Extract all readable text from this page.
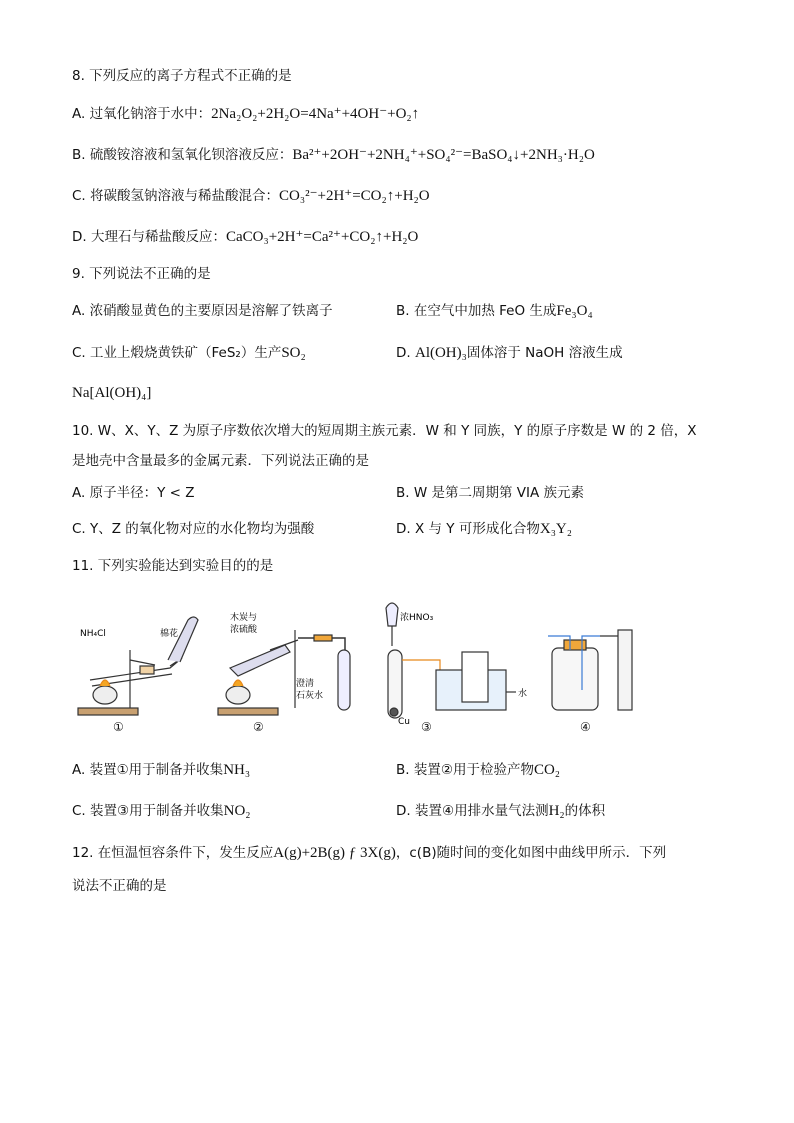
8. 下列反应的离子方程式不正确的是
A. 过氧化钠溶于水中：2Na₂O₂+2H₂O=4Na⁺+4OH⁻+O₂↑
B. 硫酸铵溶液和氢氧化钡溶液反应：Ba²⁺+2OH⁻+2NH₄⁺+SO₄²⁻=BaSO₄↓+2NH₃·H₂O
C. 将碳酸氢钠溶液与稀盐酸混合：CO₃²⁻+2H⁺=CO₂↑+H₂O
D. 大理石与稀盐酸反应：CaCO₃+2H⁺=Ca²⁺+CO₂↑+H₂O
9. 下列说法不正确的是
A. 浓硝酸显黄色的主要原因是溶解了铁离子	B. 在空气中加热 FeO 生成Fe₃O₄
C. 工业上煅烧黄铁矿（FeS₂）生产SO₂	D. Al(OH)₃固体溶于 NaOH 溶液生成
Na[Al(OH)₄]
10. W、X、Y、Z 为原子序数依次增大的短周期主族元素．W 和 Y 同族，Y 的原子序数是 W 的 2 倍，X
是地壳中含量最多的金属元素．下列说法正确的是
A. 原子半径：Y < Z	B. W 是第二周期第 VIA 族元素
C. Y、Z 的氧化物对应的水化物均为强酸	D. X 与 Y 可形成化合物X₃Y₂
11. 下列实验能达到实验目的的是
NH₄Cl	棉花
木炭与
浓硫酸
澄清
石灰水
浓HNO₃
水
Cu
①	②	③	④
A. 装置①用于制备并收集NH₃	B. 装置②用于检验产物CO₂
C. 装置③用于制备并收集NO₂	D. 装置④用排水量气法测H₂的体积
12. 在恒温恒容条件下，发生反应A(g)+2B(g) ƒ 3X(g)，c(B)随时间的变化如图中曲线甲所示．下列
说法不正确的是
